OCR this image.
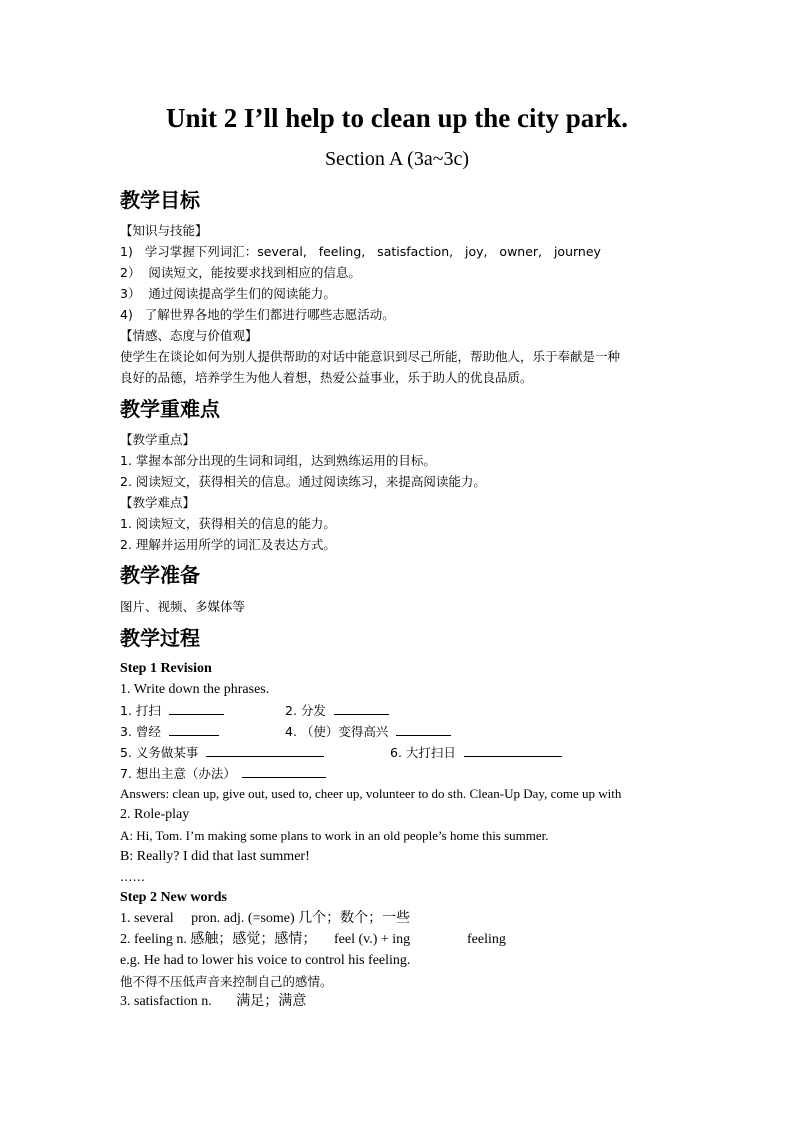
Unit 2 I’ll help to clean up the city park.
Section A (3a~3c)
教学目标
【知识与技能】
1)   学习掌握下列词汇：several,   feeling,   satisfaction,   joy,   owner,   journey
2）  阅读短文，能按要求找到相应的信息。
3）  通过阅读提高学生们的阅读能力。
4)   了解世界各地的学生们都进行哪些志愿活动。
【情感、态度与价值观】
使学生在谈论如何为别人提供帮助的对话中能意识到尽己所能，帮助他人，乐于奉献是一种
良好的品德，培养学生为他人着想，热爱公益事业，乐于助人的优良品质。
教学重难点
【教学重点】
1. 掌握本部分出现的生词和词组，达到熟练运用的目标。
2. 阅读短文，获得相关的信息。通过阅读练习，来提高阅读能力。
【教学难点】
1. 阅读短文，获得相关的信息的能力。
2. 理解并运用所学的词汇及表达方式。
教学准备
图片、视频、多媒体等
教学过程
Step 1 Revision
1. Write down the phrases.
1. 打扫	2. 分发
3. 曾经	4. （使）变得高兴
5. 义务做某事	6. 大打扫日
7. 想出主意（办法）
Answers: clean up, give out, used to, cheer up, volunteer to do sth. Clean-Up Day, come up with
2. Role-play
A: Hi, Tom. I’m making some plans to work in an old people’s home this summer.
B: Really? I did that last summer!
……
Step 2 New words
1. several     pron. adj. (=some) 几个；数个；一些
2. feeling n. 感触；感觉；感情； feel (v.) + ing	feeling
e.g. He had to lower his voice to control his feeling.
他不得不压低声音来控制自己的感情。
3. satisfaction n.       满足；满意
